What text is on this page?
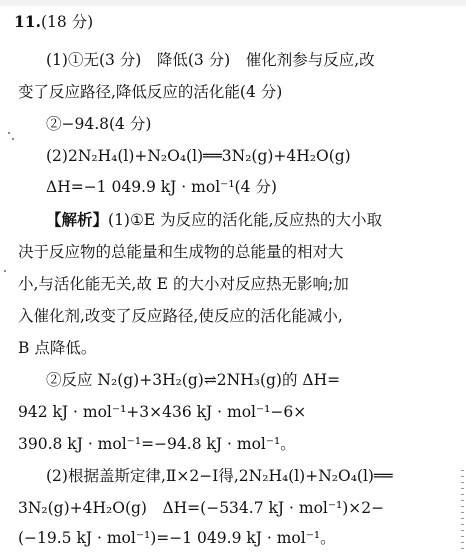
11.(18 分)
(1)①无(3 分)　降低(3 分)　催化剂参与反应,改
变了反应路径,降低反应的活化能(4 分)
②−94.8(4 分)
(2)2N₂H₄(l)+N₂O₄(l)══3N₂(g)+4H₂O(g)
ΔH=−1 049.9 kJ · mol⁻¹(4 分)
【解析】(1)①E 为反应的活化能,反应热的大小取
决于反应物的总能量和生成物的总能量的相对大
小,与活化能无关,故 E 的大小对反应热无影响;加
入催化剂,改变了反应路径,使反应的活化能减小,
B 点降低。
②反应 N₂(g)+3H₂(g)⇌2NH₃(g)的 ΔH=
942 kJ · mol⁻¹+3×436 kJ · mol⁻¹−6×
390.8 kJ · mol⁻¹=−94.8 kJ · mol⁻¹。
(2)根据盖斯定律,Ⅱ×2−Ⅰ得,2N₂H₄(l)+N₂O₄(l)══
3N₂(g)+4H₂O(g)　ΔH=(−534.7 kJ · mol⁻¹)×2−
(−19.5 kJ · mol⁻¹)=−1 049.9 kJ · mol⁻¹。
